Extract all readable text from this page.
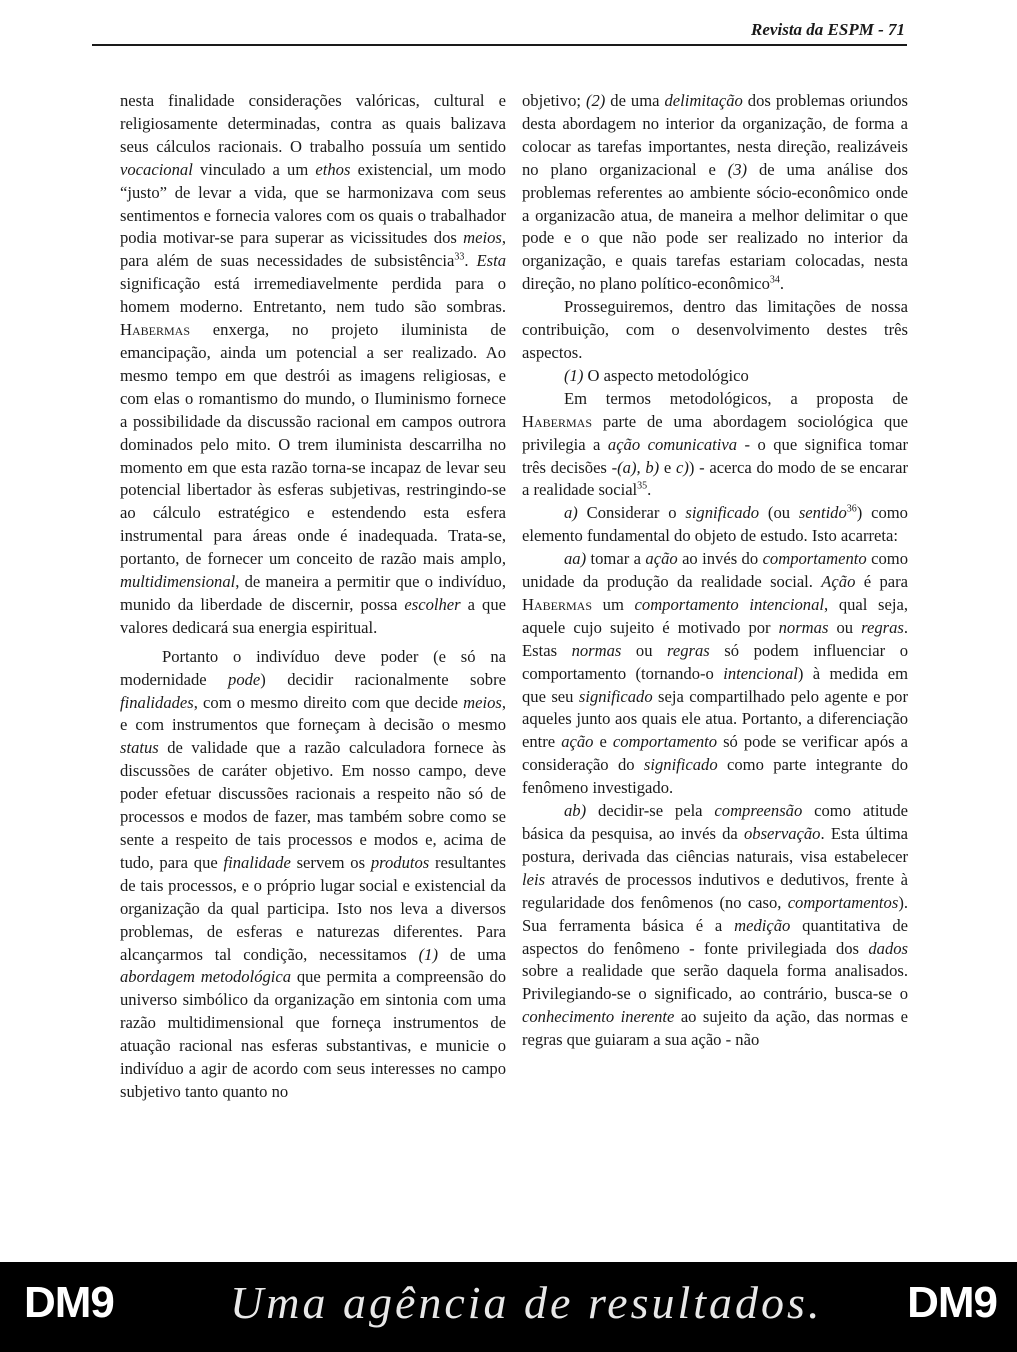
Revista da ESPM - 71

nesta finalidade considerações valóricas, cultural e religiosamente determinadas, contra as quais balizava seus cálculos racionais. O trabalho possuía um sentido vocacional vinculado a um ethos existencial, um modo “justo” de levar a vida, que se harmonizava com seus sentimentos e fornecia valores com os quais o trabalhador podia motivar-se para superar as vicissitudes dos meios, para além de suas necessidades de subsistência$^{33}$. Esta significação está irremediavelmente perdida para o homem moderno. Entretanto, nem tudo são sombras. Habermas enxerga, no projeto iluminista de emancipação, ainda um potencial a ser realizado. Ao mesmo tempo em que destrói as imagens religiosas, e com elas o romantismo do mundo, o Iluminismo fornece a possibilidade da discussão racional em campos outrora dominados pelo mito. O trem iluminista descarrilha no momento em que esta razão torna-se incapaz de levar seu potencial libertador às esferas subjetivas, restringindo-se ao cálculo estratégico e estendendo esta esfera instrumental para áreas onde é inadequada. Trata-se, portanto, de fornecer um conceito de razão mais amplo, multidimensional, de maneira a permitir que o indivíduo, munido da liberdade de discernir, possa escolher a que valores dedicará sua energia espiritual.

Portanto o indivíduo deve poder (e só na modernidade pode) decidir racionalmente sobre finalidades, com o mesmo direito com que decide meios, e com instrumentos que forneçam à decisão o mesmo status de validade que a razão calculadora fornece às discussões de caráter objetivo. Em nosso campo, deve poder efetuar discussões racionais a respeito não só de processos e modos de fazer, mas também sobre como se sente a respeito de tais processos e modos e, acima de tudo, para que finalidade servem os produtos resultantes de tais processos, e o próprio lugar social e existencial da organização da qual participa. Isto nos leva a diversos problemas, de esferas e naturezas diferentes. Para alcançarmos tal condição, necessitamos (1) de uma abordagem metodológica que permita a compreensão do universo simbólico da organização em sintonia com uma razão multidimensional que forneça instrumentos de atuação racional nas esferas substantivas, e municie o indivíduo a agir de acordo com seus interesses no campo subjetivo tanto quanto no

objetivo; (2) de uma delimitação dos problemas oriundos desta abordagem no interior da organização, de forma a colocar as tarefas importantes, nesta direção, realizáveis no plano organizacional e (3) de uma análise dos problemas referentes ao ambiente sócio-econômico onde a organizacão atua, de maneira a melhor delimitar o que pode e o que não pode ser realizado no interior da organização, e quais tarefas estariam colocadas, nesta direção, no plano político-econômico$^{34}$.

Prosseguiremos, dentro das limitações de nossa contribuição, com o desenvolvimento destes três aspectos.

(1) O aspecto metodológico

Em termos metodológicos, a proposta de Habermas parte de uma abordagem sociológica que privilegia a ação comunicativa - o que significa tomar três decisões -(a), b) e c)) - acerca do modo de se encarar a realidade social$^{35}$.

a) Considerar o significado (ou sentido$^{36}$) como elemento fundamental do objeto de estudo. Isto acarreta:

aa) tomar a ação ao invés do comportamento como unidade da produção da realidade social. Ação é para Habermas um comportamento intencional, qual seja, aquele cujo sujeito é motivado por normas ou regras. Estas normas ou regras só podem influenciar o comportamento (tornando-o intencional) à medida em que seu significado seja compartilhado pelo agente e por aqueles junto aos quais ele atua. Portanto, a diferenciação entre ação e comportamento só pode se verificar após a consideração do significado como parte integrante do fenômeno investigado.

ab) decidir-se pela compreensão como atitude básica da pesquisa, ao invés da observação. Esta última postura, derivada das ciências naturais, visa estabelecer leis através de processos indutivos e dedutivos, frente à regularidade dos fenômenos (no caso, comportamentos). Sua ferramenta básica é a medição quantitativa de aspectos do fenômeno - fonte privilegiada dos dados sobre a realidade que serão daquela forma analisados. Privilegiando-se o significado, ao contrário, busca-se o conhecimento inerente ao sujeito da ação, das normas e regras que guiaram a sua ação - não

DM9	Uma agência de resultados. DM9
